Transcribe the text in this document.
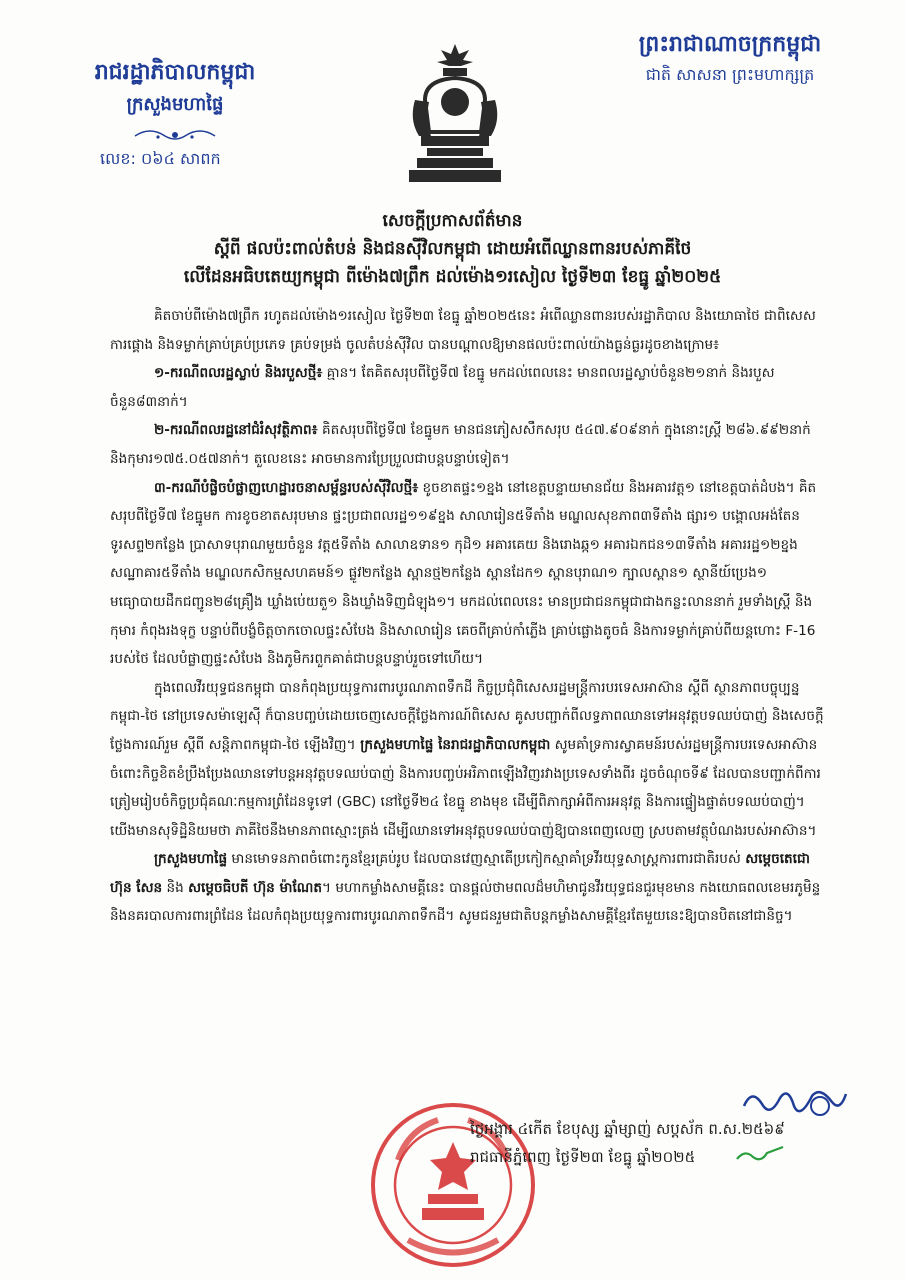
ព្រះរាជាណាចក្រកម្ពុជា
ជាតិ សាសនា ព្រះមហាក្សត្រ
រាជរដ្ឋាភិបាលកម្ពុជា
ក្រសួងមហាផ្ទៃ
លេខ: ០៦៤ សាពក
សេចក្តីប្រកាសព័ត៌មាន
ស្តីពី ផលប៉ះពាល់តំបន់ និងជនស៊ីវិលកម្ពុជា ដោយអំពើឈ្លានពានរបស់ភាគីថៃ
លើដែនអធិបតេយ្យកម្ពុជា ពីម៉ោង៧ព្រឹក ដល់ម៉ោង១រសៀល ថ្ងៃទី២៣ ខែធ្នូ ឆ្នាំ២០២៥

គិតចាប់ពីម៉ោង៧ព្រឹក រហូតដល់ម៉ោង១រសៀល ថ្ងៃទី២៣ ខែធ្នូ ឆ្នាំ២០២៥នេះ អំពើឈ្លានពានរបស់រដ្ឋាភិបាល និងយោធាថៃ ជាពិសេសការផ្គោង និងទម្លាក់គ្រាប់គ្រប់ប្រភេទ គ្រប់ទម្រង់ ចូលតំបន់ស៊ីវិល បានបណ្តាលឱ្យមានផលប៉ះពាល់យ៉ាងធ្ងន់ធ្ងរដូចខាងក្រោម៖

១-ករណីពលរដ្ឋស្លាប់ និងរបួសថ្មី៖ គ្មាន។ តែគិតសរុបពីថ្ងៃទី៧ ខែធ្នូ មកដល់ពេលនេះ មានពលរដ្ឋស្លាប់ចំនួន២១នាក់ និងរបួសចំនួន៨៣នាក់។

២-ករណីពលរដ្ឋនៅជំរំសុវត្ថិភាព៖ គិតសរុបពីថ្ងៃទី៧ ខែធ្នូមក មានជនភៀសសឹកសរុប ៥៤៧.៩០៩នាក់ ក្នុងនោះស្ត្រី ២៨៦.៩៩២នាក់ និងកុមារ១៧៥.០៥៧នាក់។ តួលេខនេះ អាចមានការប្រែប្រួលជាបន្តបន្ទាប់ទៀត។

៣-ករណីបំផ្លិចបំផ្លាញហេដ្ឋារចនាសម្ព័ន្ធរបស់ស៊ីវិលថ្មី៖ ខូចខាតផ្ទះ១ខ្នង នៅខេត្តបន្ទាយមានជ័យ និងអគារវត្ត១ នៅខេត្តបាត់ដំបង។ គិតសរុបពីថ្ងៃទី៧ ខែធ្នូមក ការខូចខាតសរុបមាន ផ្ទះប្រជាពលរដ្ឋ១១៩ខ្នង សាលារៀន៥ទីតាំង មណ្ឌលសុខភាព៣ទីតាំង ផ្សារ១ បង្គោលអង់តែនទូរសព្ទ២កន្លែង ប្រាសាទបុរាណមួយចំនួន វត្ត៥ទីតាំង សាលាឧទាន១ កុដិ១ អគារគេយ និងរោងឆ្ក១ អគារឯកជន១៣ទីតាំង អគាររដ្ឋ១២ខ្នង សណ្ឋាគារ៥ទីតាំង មណ្ឌលកសិកម្មសហគមន៍១ ផ្លូវ២កន្លែង ស្ពានថ្ម២កន្លែង ស្ពានដែក១ ស្ពានបុរាណ១ ក្បាលស្ពាន១ ស្ថានីយ៍ប្រេង១ មធ្យោបាយដឹកជញ្ជូន២៨គ្រឿង ឃ្លាំងបេ់យតួ១ និងឃ្លាំងទិញជំឡុង១។ មកដល់ពេលនេះ មានប្រជាជនកម្ពុជាជាងកន្លះលាននាក់ រួមទាំងស្ត្រី និងកុមារ កំពុងរងទុក្ខ បន្ទាប់ពីបង្ខំចិត្តចាកចោលផ្ទះសំបែង និងសាលារៀន គេចពីគ្រាប់កាំភ្លើង គ្រាប់ផ្លោងតូចធំ និងការទម្លាក់គ្រាប់ពីយន្តហោះ F-16 របស់ថៃ ដែលបំផ្លាញផ្ទះសំបែង និងភូមិករពួកគាត់ជាបន្តបន្ទាប់រួចទៅហើយ។

ក្នុងពេលវីរយុទ្ធជនកម្ពុជា បានកំពុងប្រយុទ្ធការពារបូរណភាពទឹកដី កិច្ចប្រជុំពិសេសរដ្ឋមន្ត្រីការបរទេសអាស៊ាន ស្តីពី ស្ថានភាពបច្ចុប្បន្នកម្ពុជា-ថៃ នៅប្រទេសម៉ាឡេស៊ី ក៏បានបញ្ចប់ដោយចេញសេចក្តីថ្លែងការណ៍ពិសេស គូសបញ្ជាក់ពីលទ្ធភាពឈានទៅអនុវត្តបទឈប់បាញ់ និងសេចក្តីថ្លែងការណ៍រួម ស្តីពី សន្តិភាពកម្ពុជា-ថៃ ឡើងវិញ។ ក្រសួងមហាផ្ទៃ នៃរាជរដ្ឋាភិបាលកម្ពុជា សូមគាំទ្រការស្វាគមន៍របស់រដ្ឋមន្ត្រីការបរទេសអាស៊ាន ចំពោះកិច្ចខិតខំប្រឹងប្រែងឈានទៅបន្តអនុវត្តបទឈប់បាញ់ និងការបញ្ចប់អរិភាពឡើងវិញរវាងប្រទេសទាំងពីរ ដូចចំណុចទី៩ ដែលបានបញ្ជាក់ពីការត្រៀមរៀបចំកិច្ចប្រជុំគណៈកម្មការព្រំដែនទូទៅ (GBC) នៅថ្ងៃទី២៤ ខែធ្នូ ខាងមុខ ដើម្បីពិភាក្សាអំពីការអនុវត្ត និងការផ្ទៀងផ្ទាត់បទឈប់បាញ់។ យើងមានសុទិដ្ឋិនិយមថា ភាគីថៃនឹងមានភាពស្មោះត្រង់ ដើម្បីឈានទៅអនុវត្តបទឈប់បាញ់ឱ្យបានពេញលេញ ស្របតាមវត្ថុបំណងរបស់អាស៊ាន។

ក្រសួងមហាផ្ទៃ មានមោទនភាពចំពោះកូនខ្មែរគ្រប់រូប ដែលបានវេញស្មាតើប្រកៀកស្មាគាំទ្រវីរយុទ្ធសាស្ត្រការពារជាតិរបស់ សម្តេចតេជោ ហ៊ុន សែន និង សម្តេចធិបតី ហ៊ុន ម៉ាណែត។ មហាកម្លាំងសាមគ្គីនេះ បានផ្តល់ថាមពលដ៏មហិមាជូនវីរយុទ្ធជនជួរមុខមាន កងយោធពលខេមរភូមិន្ទ និងនគរបាលការពារព្រំដែន ដែលកំពុងប្រយុទ្ធការពារបូរណភាពទឹកដី។ សូមជនរួមជាតិបន្តកម្លាំងសាមគ្គីខ្មែរតែមួយនេះឱ្យបានបិតនៅជានិច្ច។

ថ្ងៃអង្គារ ៤កើត ខែបុស្ស ឆ្នាំម្សាញ់ សប្តស័ក ព.ស.២៥៦៩
រាជធានីភ្នំពេញ ថ្ងៃទី២៣ ខែធ្នូ ឆ្នាំ២០២៥
